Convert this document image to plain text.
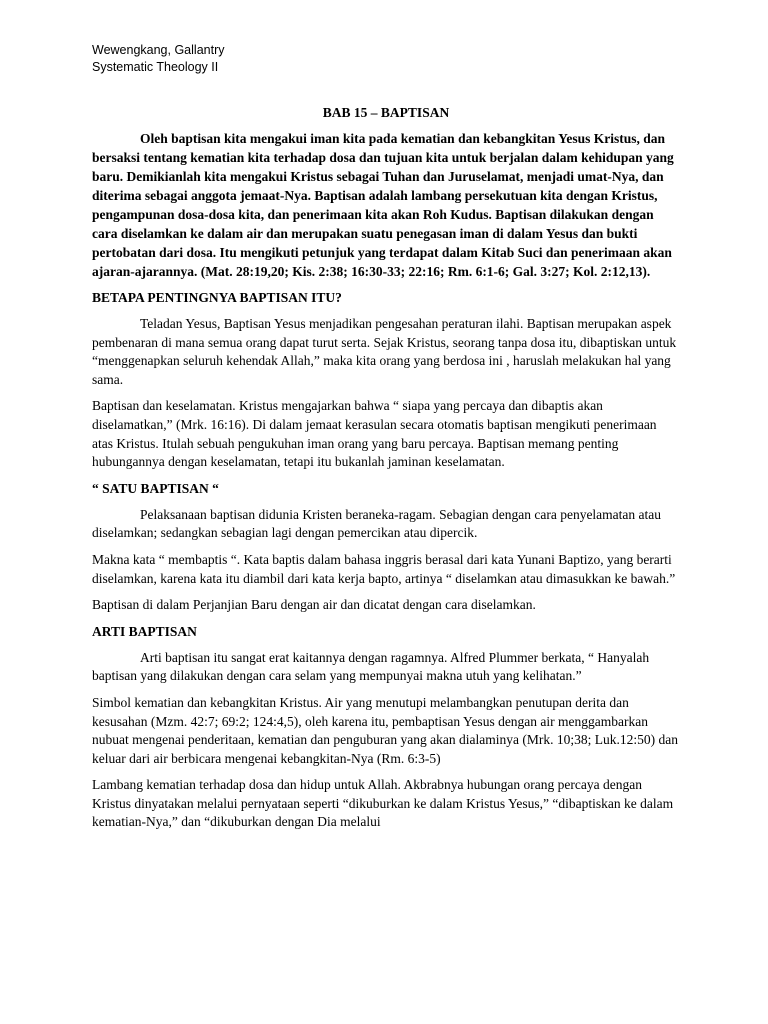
Wewengkang, Gallantry

Systematic Theology II

BAB 15 – BAPTISAN

Oleh baptisan kita mengakui iman kita pada kematian dan kebangkitan Yesus Kristus, dan bersaksi tentang kematian kita terhadap dosa dan tujuan kita untuk berjalan dalam kehidupan yang baru. Demikianlah kita mengakui Kristus sebagai Tuhan dan Juruselamat, menjadi umat-Nya, dan diterima sebagai anggota jemaat-Nya. Baptisan adalah lambang persekutuan kita dengan Kristus, pengampunan dosa-dosa kita, dan penerimaan kita akan Roh Kudus. Baptisan dilakukan dengan cara diselamkan ke dalam air dan merupakan suatu penegasan iman di dalam Yesus dan bukti pertobatan dari dosa. Itu mengikuti petunjuk yang terdapat dalam Kitab Suci dan penerimaan akan ajaran-ajarannya. (Mat. 28:19,20; Kis. 2:38; 16:30-33; 22:16; Rm. 6:1-6; Gal. 3:27; Kol. 2:12,13).

BETAPA PENTINGNYA BAPTISAN ITU?

Teladan Yesus, Baptisan Yesus menjadikan pengesahan peraturan ilahi. Baptisan merupakan aspek pembenaran di mana semua orang dapat turut serta. Sejak Kristus, seorang tanpa dosa itu, dibaptiskan untuk “menggenapkan seluruh kehendak Allah,” maka kita orang yang berdosa ini , haruslah melakukan hal yang sama.

Baptisan dan keselamatan. Kristus mengajarkan bahwa “ siapa yang percaya dan dibaptis akan diselamatkan,” (Mrk. 16:16). Di dalam jemaat kerasulan secara otomatis baptisan mengikuti penerimaan atas Kristus. Itulah sebuah pengukuhan iman orang yang baru percaya. Baptisan memang penting hubungannya dengan keselamatan, tetapi itu bukanlah jaminan keselamatan.

“ SATU BAPTISAN “

Pelaksanaan baptisan didunia Kristen beraneka-ragam. Sebagian dengan cara penyelamatan atau diselamkan; sedangkan sebagian lagi dengan pemercikan atau dipercik.

Makna kata “ membaptis “. Kata baptis dalam bahasa inggris berasal dari kata Yunani Baptizo, yang berarti diselamkan, karena kata itu diambil dari kata kerja bapto, artinya “ diselamkan atau dimasukkan ke bawah.”

Baptisan di dalam Perjanjian Baru dengan air dan dicatat dengan cara diselamkan.

ARTI BAPTISAN

Arti baptisan itu sangat erat kaitannya dengan ragamnya. Alfred Plummer berkata, “ Hanyalah baptisan yang dilakukan dengan cara selam yang mempunyai makna utuh yang kelihatan.”

Simbol kematian dan kebangkitan Kristus. Air yang menutupi melambangkan penutupan derita dan kesusahan (Mzm. 42:7; 69:2; 124:4,5), oleh karena itu, pembaptisan Yesus dengan air menggambarkan nubuat mengenai penderitaan, kematian dan penguburan yang akan dialaminya (Mrk. 10;38; Luk.12:50) dan keluar dari air berbicara mengenai kebangkitan-Nya (Rm. 6:3-5)

Lambang kematian terhadap dosa dan hidup untuk Allah. Akbrabnya hubungan orang percaya dengan Kristus dinyatakan melalui pernyataan seperti “dikuburkan ke dalam Kristus Yesus,” “dibaptiskan ke dalam kematian-Nya,” dan “dikuburkan dengan Dia melalui
